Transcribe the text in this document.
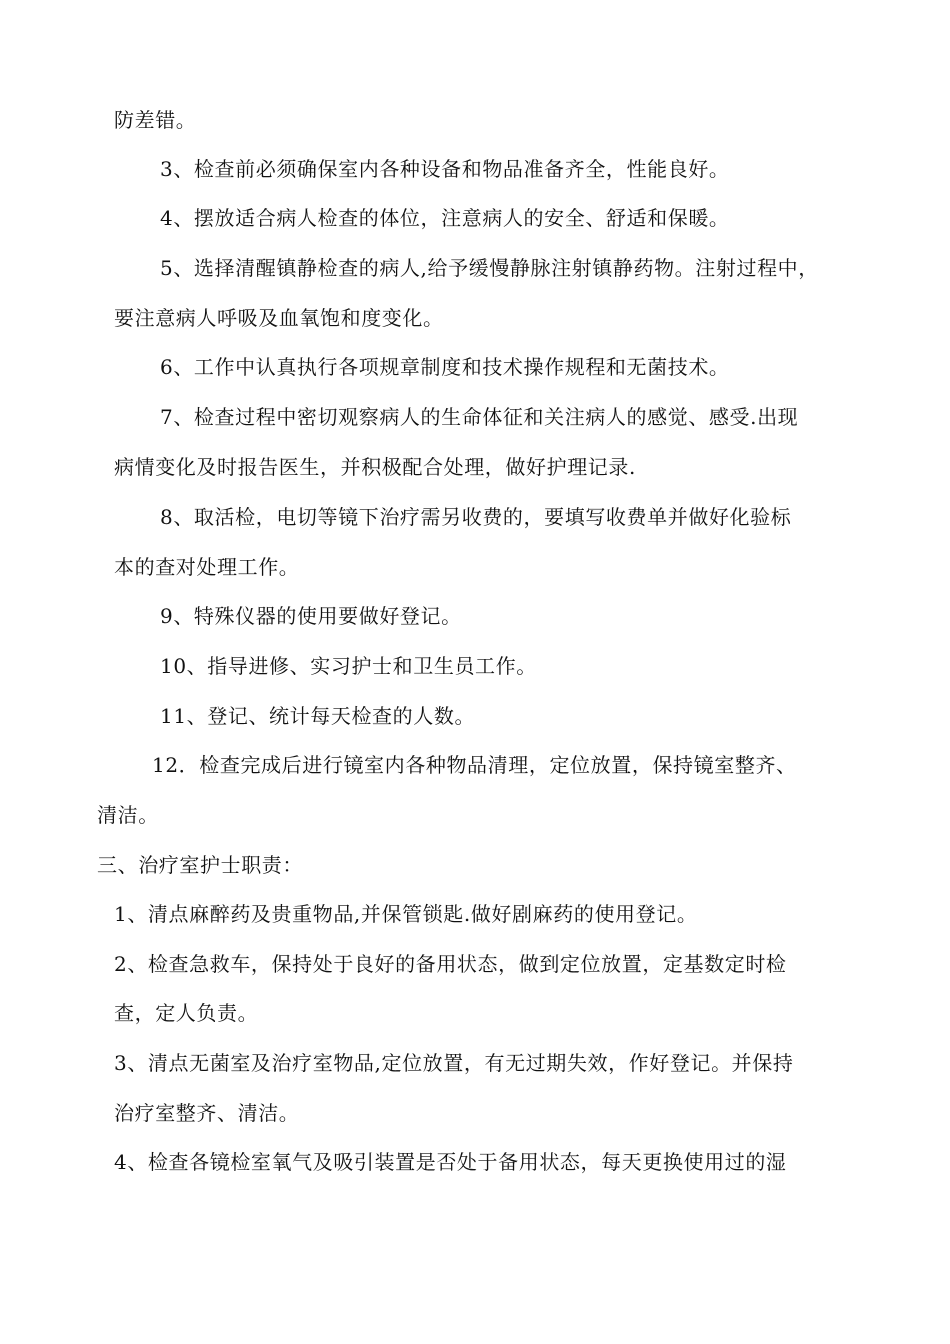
防差错。
3、检查前必须确保室内各种设备和物品准备齐全，性能良好。
4、摆放适合病人检查的体位，注意病人的安全、舒适和保暖。
5、选择清醒镇静检查的病人,给予缓慢静脉注射镇静药物。注射过程中，
要注意病人呼吸及血氧饱和度变化。
6、工作中认真执行各项规章制度和技术操作规程和无菌技术。
7、检查过程中密切观察病人的生命体征和关注病人的感觉、感受.出现
病情变化及时报告医生，并积极配合处理，做好护理记录.
8、取活检，电切等镜下治疗需另收费的，要填写收费单并做好化验标
本的查对处理工作。
9、特殊仪器的使用要做好登记。
10、指导进修、实习护士和卫生员工作。
11、登记、统计每天检查的人数。
12．检查完成后进行镜室内各种物品清理，定位放置，保持镜室整齐、
清洁。
三、治疗室护士职责：
1、清点麻醉药及贵重物品,并保管锁匙.做好剧麻药的使用登记。
2、检查急救车，保持处于良好的备用状态，做到定位放置，定基数定时检
查，定人负责。
3、清点无菌室及治疗室物品,定位放置，有无过期失效，作好登记。并保持
治疗室整齐、清洁。
4、检查各镜检室氧气及吸引装置是否处于备用状态，每天更换使用过的湿
